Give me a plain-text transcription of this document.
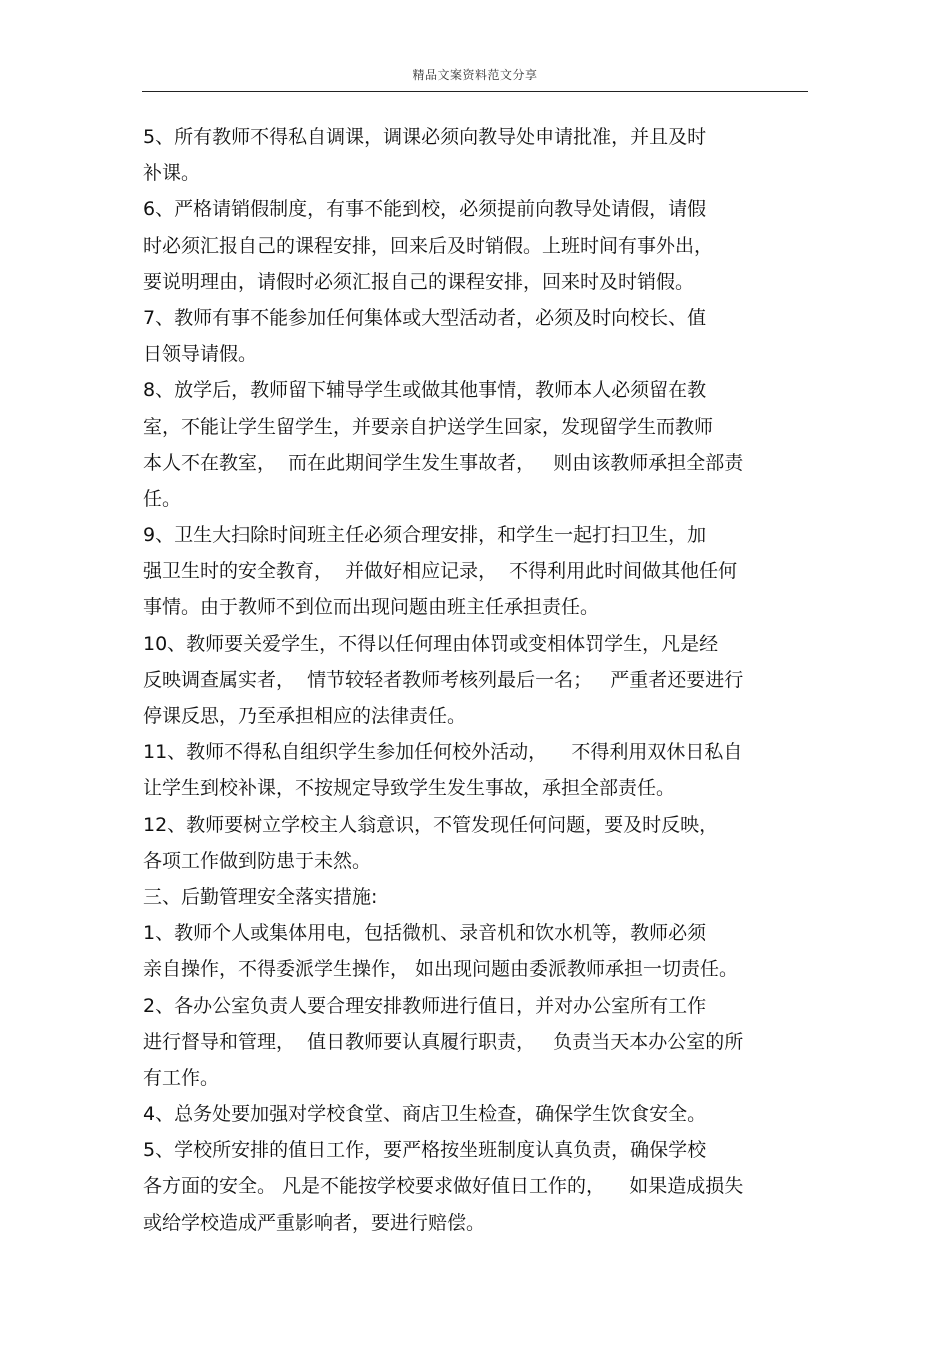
精品文案资料范文分享
5、所有教师不得私自调课，调课必须向教导处申请批准，并且及时
补课。
6、严格请销假制度，有事不能到校，必须提前向教导处请假，请假
时必须汇报自己的课程安排，回来后及时销假。上班时间有事外出，
要说明理由，请假时必须汇报自己的课程安排，回来时及时销假。
7、教师有事不能参加任何集体或大型活动者，必须及时向校长、值
日领导请假。
8、放学后，教师留下辅导学生或做其他事情，教师本人必须留在教
室，不能让学生留学生，并要亲自护送学生回家，发现留学生而教师
本人不在教室，  而在此期间学生发生事故者，   则由该教师承担全部责
任。
9、卫生大扫除时间班主任必须合理安排，和学生一起打扫卫生，加
强卫生时的安全教育，  并做好相应记录，  不得利用此时间做其他任何
事情。由于教师不到位而出现问题由班主任承担责任。
10、教师要关爱学生，不得以任何理由体罚或变相体罚学生，凡是经
反映调查属实者，  情节较轻者教师考核列最后一名；   严重者还要进行
停课反思，乃至承担相应的法律责任。
11、教师不得私自组织学生参加任何校外活动，    不得利用双休日私自
让学生到校补课，不按规定导致学生发生事故，承担全部责任。
12、教师要树立学校主人翁意识，不管发现任何问题，要及时反映，
各项工作做到防患于未然。
三、后勤管理安全落实措施:
1、教师个人或集体用电，包括微机、录音机和饮水机等，教师必须
亲自操作，不得委派学生操作， 如出现问题由委派教师承担一切责任。
2、各办公室负责人要合理安排教师进行值日，并对办公室所有工作
进行督导和管理，  值日教师要认真履行职责，   负责当天本办公室的所
有工作。
4、总务处要加强对学校食堂、商店卫生检查，确保学生饮食安全。
5、学校所安排的值日工作，要严格按坐班制度认真负责，确保学校
各方面的安全。 凡是不能按学校要求做好值日工作的，    如果造成损失
或给学校造成严重影响者，要进行赔偿。
